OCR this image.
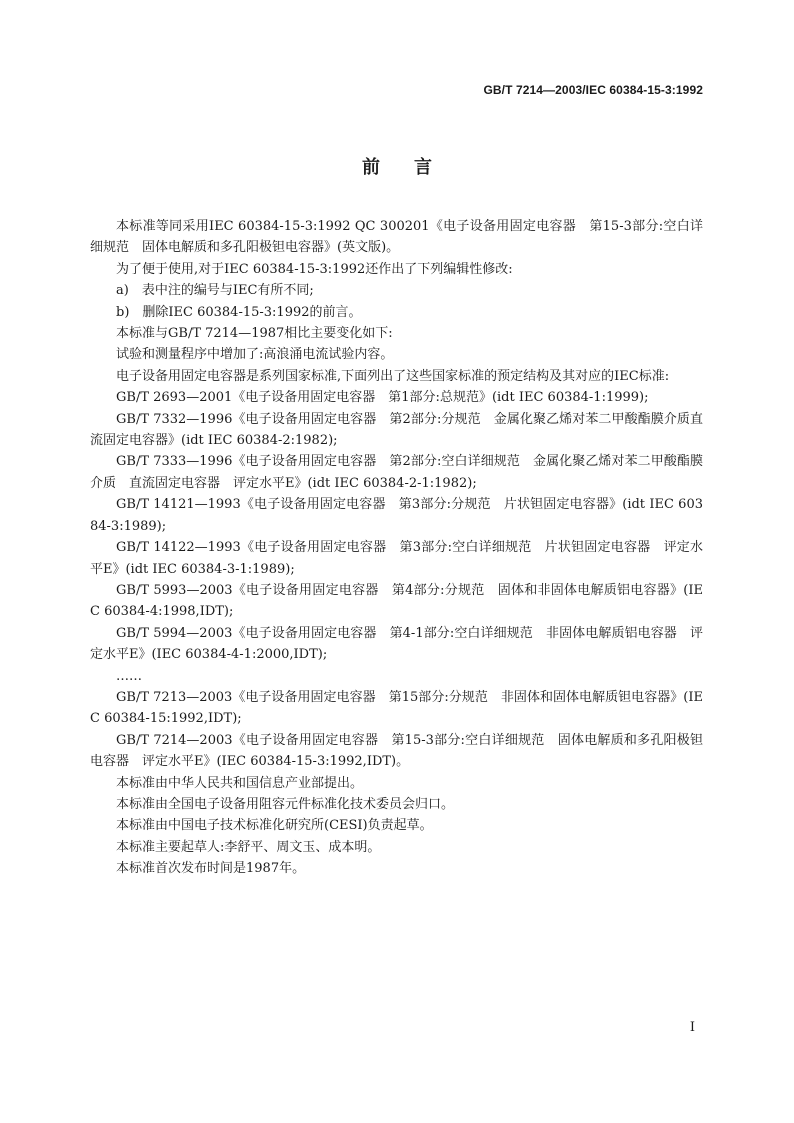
GB/T 7214—2003/IEC 60384-15-3:1992
前言

本标准等同采用IEC 60384-15-3:1992 QC 300201《电子设备用固定电容器　第15-3部分:空白详细规范　固体电解质和多孔阳极钽电容器》(英文版)。

为了便于使用,对于IEC 60384-15-3:1992还作出了下列编辑性修改:

a)　表中注的编号与IEC有所不同;

b)　删除IEC 60384-15-3:1992的前言。

本标准与GB/T 7214—1987相比主要变化如下:

试验和测量程序中增加了:高浪涌电流试验内容。

电子设备用固定电容器是系列国家标准,下面列出了这些国家标准的预定结构及其对应的IEC标准:

GB/T 2693—2001《电子设备用固定电容器　第1部分:总规范》(idt IEC 60384-1:1999);

GB/T 7332—1996《电子设备用固定电容器　第2部分:分规范　金属化聚乙烯对苯二甲酸酯膜介质直流固定电容器》(idt IEC 60384-2:1982);

GB/T 7333—1996《电子设备用固定电容器　第2部分:空白详细规范　金属化聚乙烯对苯二甲酸酯膜介质　直流固定电容器　评定水平E》(idt IEC 60384-2-1:1982);

GB/T 14121—1993《电子设备用固定电容器　第3部分:分规范　片状钽固定电容器》(idt IEC 60384-3:1989);

GB/T 14122—1993《电子设备用固定电容器　第3部分:空白详细规范　片状钽固定电容器　评定水平E》(idt IEC 60384-3-1:1989);

GB/T 5993—2003《电子设备用固定电容器　第4部分:分规范　固体和非固体电解质铝电容器》(IEC 60384-4:1998,IDT);

GB/T 5994—2003《电子设备用固定电容器　第4-1部分:空白详细规范　非固体电解质铝电容器　评定水平E》(IEC 60384-4-1:2000,IDT);

……

GB/T 7213—2003《电子设备用固定电容器　第15部分:分规范　非固体和固体电解质钽电容器》(IEC 60384-15:1992,IDT);

GB/T 7214—2003《电子设备用固定电容器　第15-3部分:空白详细规范　固体电解质和多孔阳极钽电容器　评定水平E》(IEC 60384-15-3:1992,IDT)。

本标准由中华人民共和国信息产业部提出。

本标准由全国电子设备用阻容元件标准化技术委员会归口。

本标准由中国电子技术标准化研究所(CESI)负责起草。

本标准主要起草人:李舒平、周文玉、成本明。

本标准首次发布时间是1987年。

I
